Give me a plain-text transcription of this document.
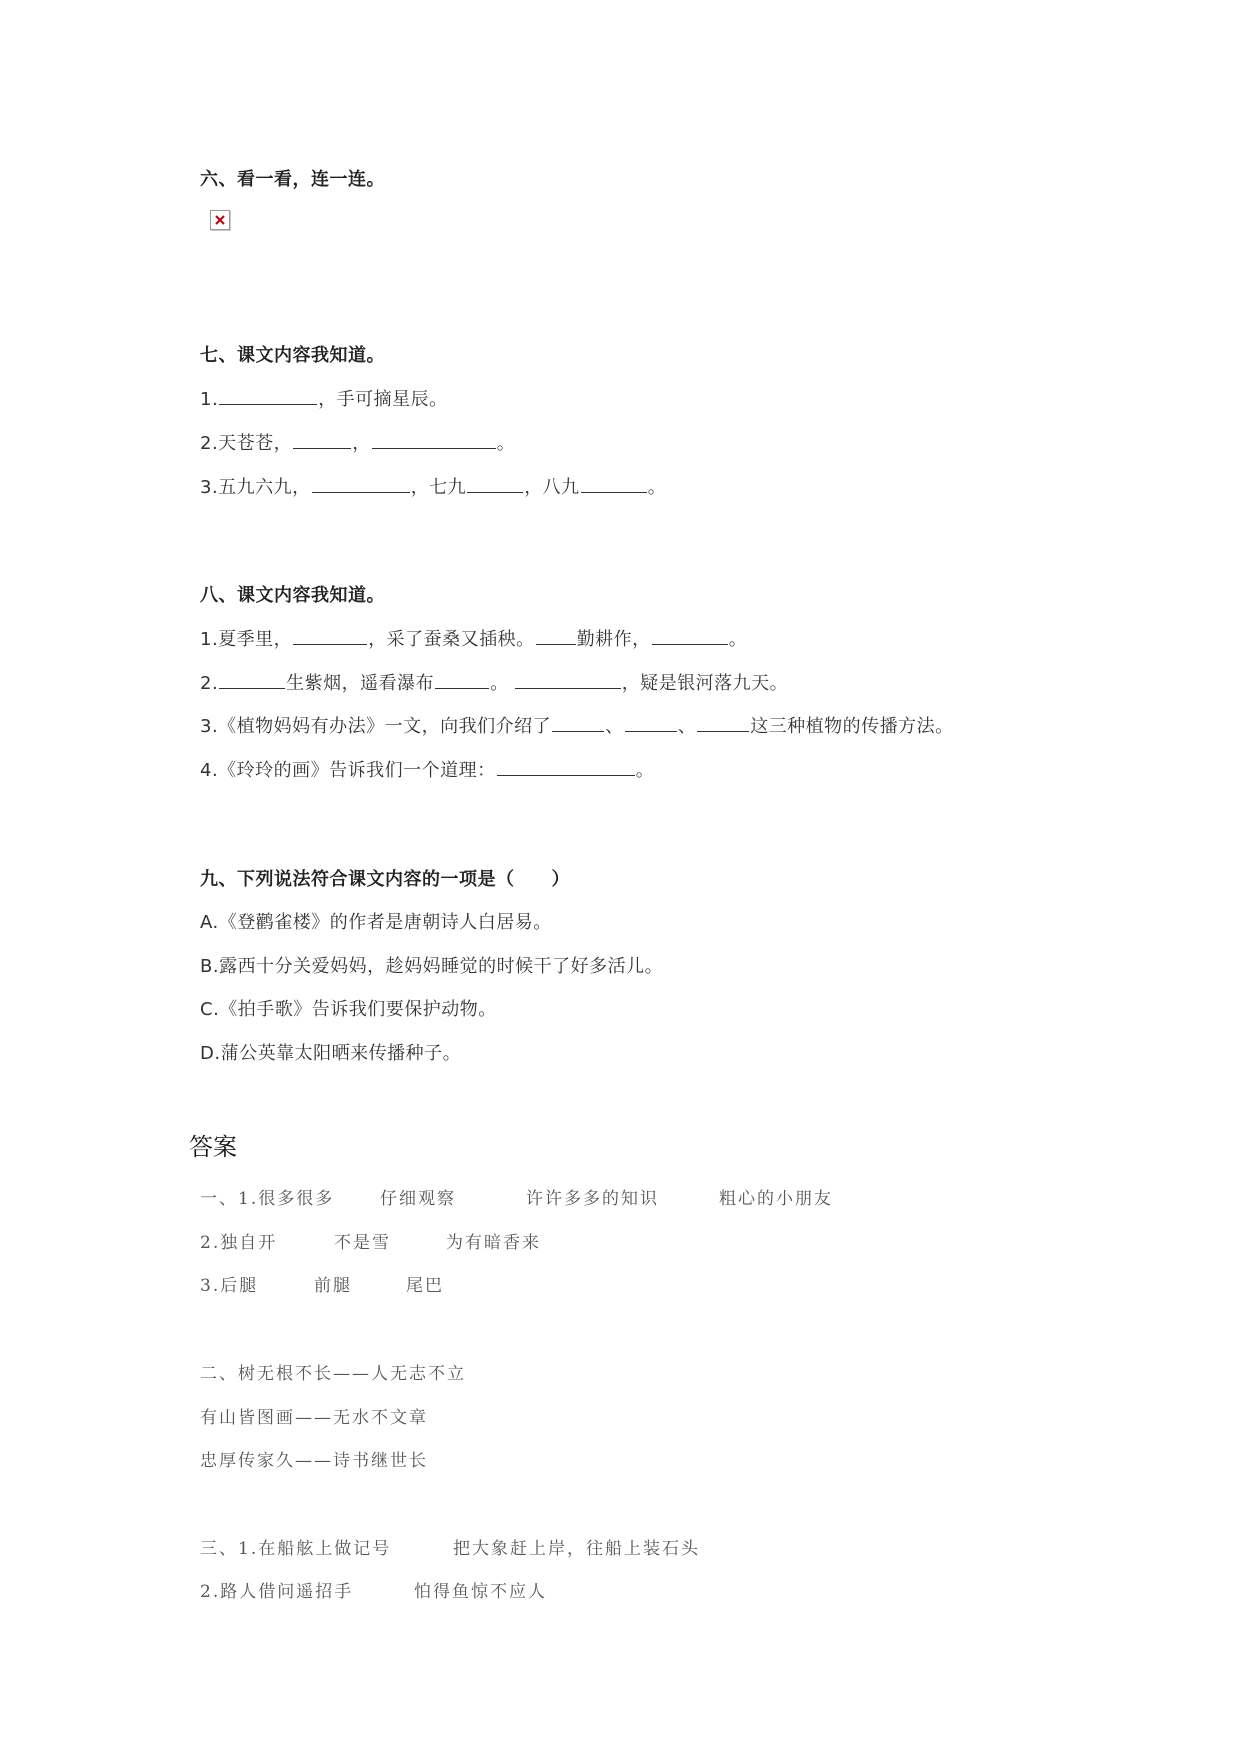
六、看一看，连一连。
七、课文内容我知道。
1.	，手可摘星辰。
2.天苍苍，	，	。
3.五九六九，	，七九	，八九	。
八、课文内容我知道。
1.夏季里，	，采了蚕桑又插秧。 勤耕作，	。
2.	生紫烟，遥看瀑布	。	，疑是银河落九天。
3.《植物妈妈有办法》一文，向我们介绍了	、	、	这三种植物的传播方法。
4.《玲玲的画》告诉我们一个道理：	。
九、下列说法符合课文内容的一项是（　　）
A.《登鹳雀楼》的作者是唐朝诗人白居易。
B.露西十分关爱妈妈，趁妈妈睡觉的时候干了好多活儿。
C.《拍手歌》告诉我们要保护动物。
D.蒲公英靠太阳晒来传播种子。
答案
一、1.很多很多	仔细观察	许许多多的知识	粗心的小朋友
2.独自开	不是雪	为有暗香来
3.后腿	前腿	尾巴
二、树无根不长——人无志不立
有山皆图画——无水不文章
忠厚传家久——诗书继世长
三、1.在船舷上做记号	把大象赶上岸，往船上装石头
2.路人借问遥招手	怕得鱼惊不应人
